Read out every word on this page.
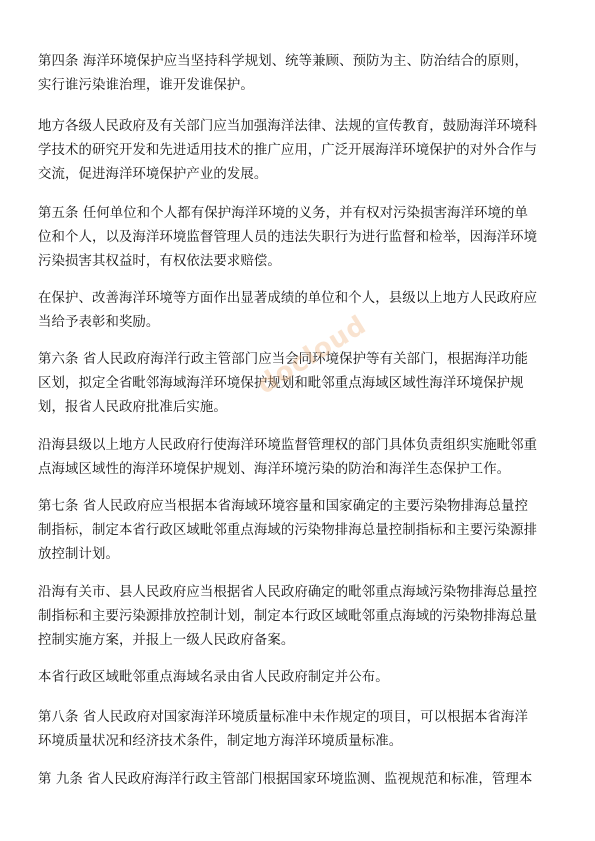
第四条 海洋环境保护应当坚持科学规划、统等兼顾、预防为主、防治结合的原则，
实行谁污染谁治理，谁开发谁保护。

地方各级人民政府及有关部门应当加强海洋法律、法规的宣传教育，鼓励海洋环境科
学技术的研究开发和先进适用技术的推广应用，广泛开展海洋环境保护的对外合作与
交流，促进海洋环境保护产业的发展。

第五条 任何单位和个人都有保护海洋环境的义务，并有权对污染损害海洋环境的单
位和个人，以及海洋环境监督管理人员的违法失职行为进行监督和检举，因海洋环境
污染损害其权益时，有权依法要求赔偿。

在保护、改善海洋环境等方面作出显著成绩的单位和个人，县级以上地方人民政府应
当给予表彰和奖励。

第六条 省人民政府海洋行政主管部门应当会同环境保护等有关部门，根据海洋功能
区划，拟定全省毗邻海域海洋环境保护规划和毗邻重点海域区域性海洋环境保护规
划，报省人民政府批准后实施。

沿海县级以上地方人民政府行使海洋环境监督管理权的部门具体负责组织实施毗邻重
点海域区域性的海洋环境保护规划、海洋环境污染的防治和海洋生态保护工作。

第七条 省人民政府应当根据本省海域环境容量和国家确定的主要污染物排海总量控
制指标，制定本省行政区域毗邻重点海域的污染物排海总量控制指标和主要污染源排
放控制计划。

沿海有关市、县人民政府应当根据省人民政府确定的毗邻重点海域污染物排海总量控
制指标和主要污染源排放控制计划，制定本行政区域毗邻重点海域的污染物排海总量
控制实施方案，并报上一级人民政府备案。

本省行政区域毗邻重点海域名录由省人民政府制定并公布。

第八条 省人民政府对国家海洋环境质量标准中未作规定的项目，可以根据本省海洋
环境质量状况和经济技术条件，制定地方海洋环境质量标准。

第 九条 省人民政府海洋行政主管部门根据国家环境监测、监视规范和标准，管理本

docloud
